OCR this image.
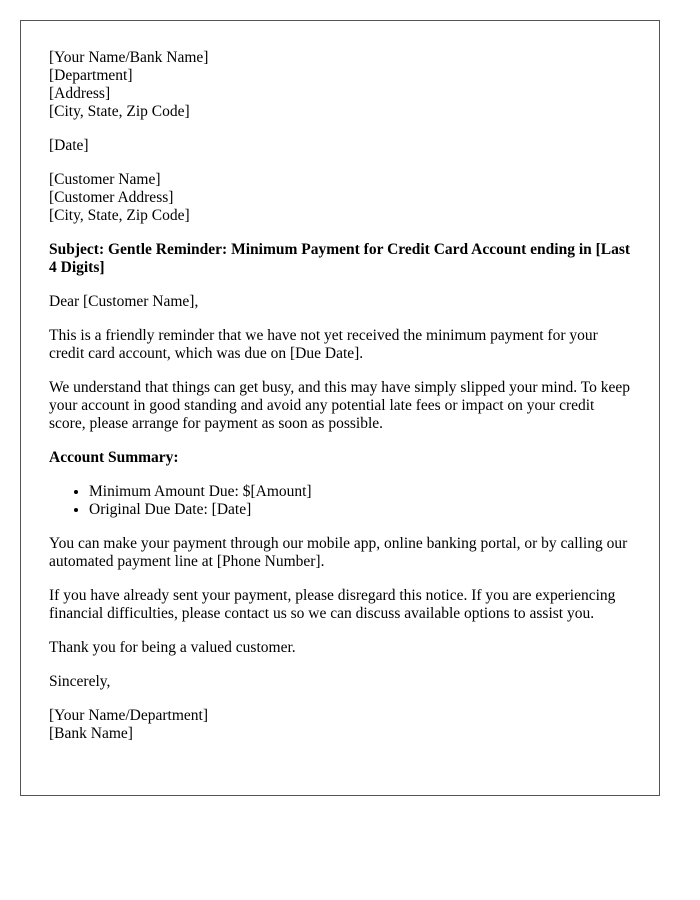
[Your Name/Bank Name]
[Department]
[Address]
[City, State, Zip Code]

[Date]

[Customer Name]
[Customer Address]
[City, State, Zip Code]

Subject: Gentle Reminder: Minimum Payment for Credit Card Account ending in [Last 4 Digits]

Dear [Customer Name],

This is a friendly reminder that we have not yet received the minimum payment for your credit card account, which was due on [Due Date].

We understand that things can get busy, and this may have simply slipped your mind. To keep your account in good standing and avoid any potential late fees or impact on your credit score, please arrange for payment as soon as possible.

Account Summary:

• Minimum Amount Due: $[Amount]
• Original Due Date: [Date]

You can make your payment through our mobile app, online banking portal, or by calling our automated payment line at [Phone Number].

If you have already sent your payment, please disregard this notice. If you are experiencing financial difficulties, please contact us so we can discuss available options to assist you.

Thank you for being a valued customer.

Sincerely,

[Your Name/Department]
[Bank Name]
